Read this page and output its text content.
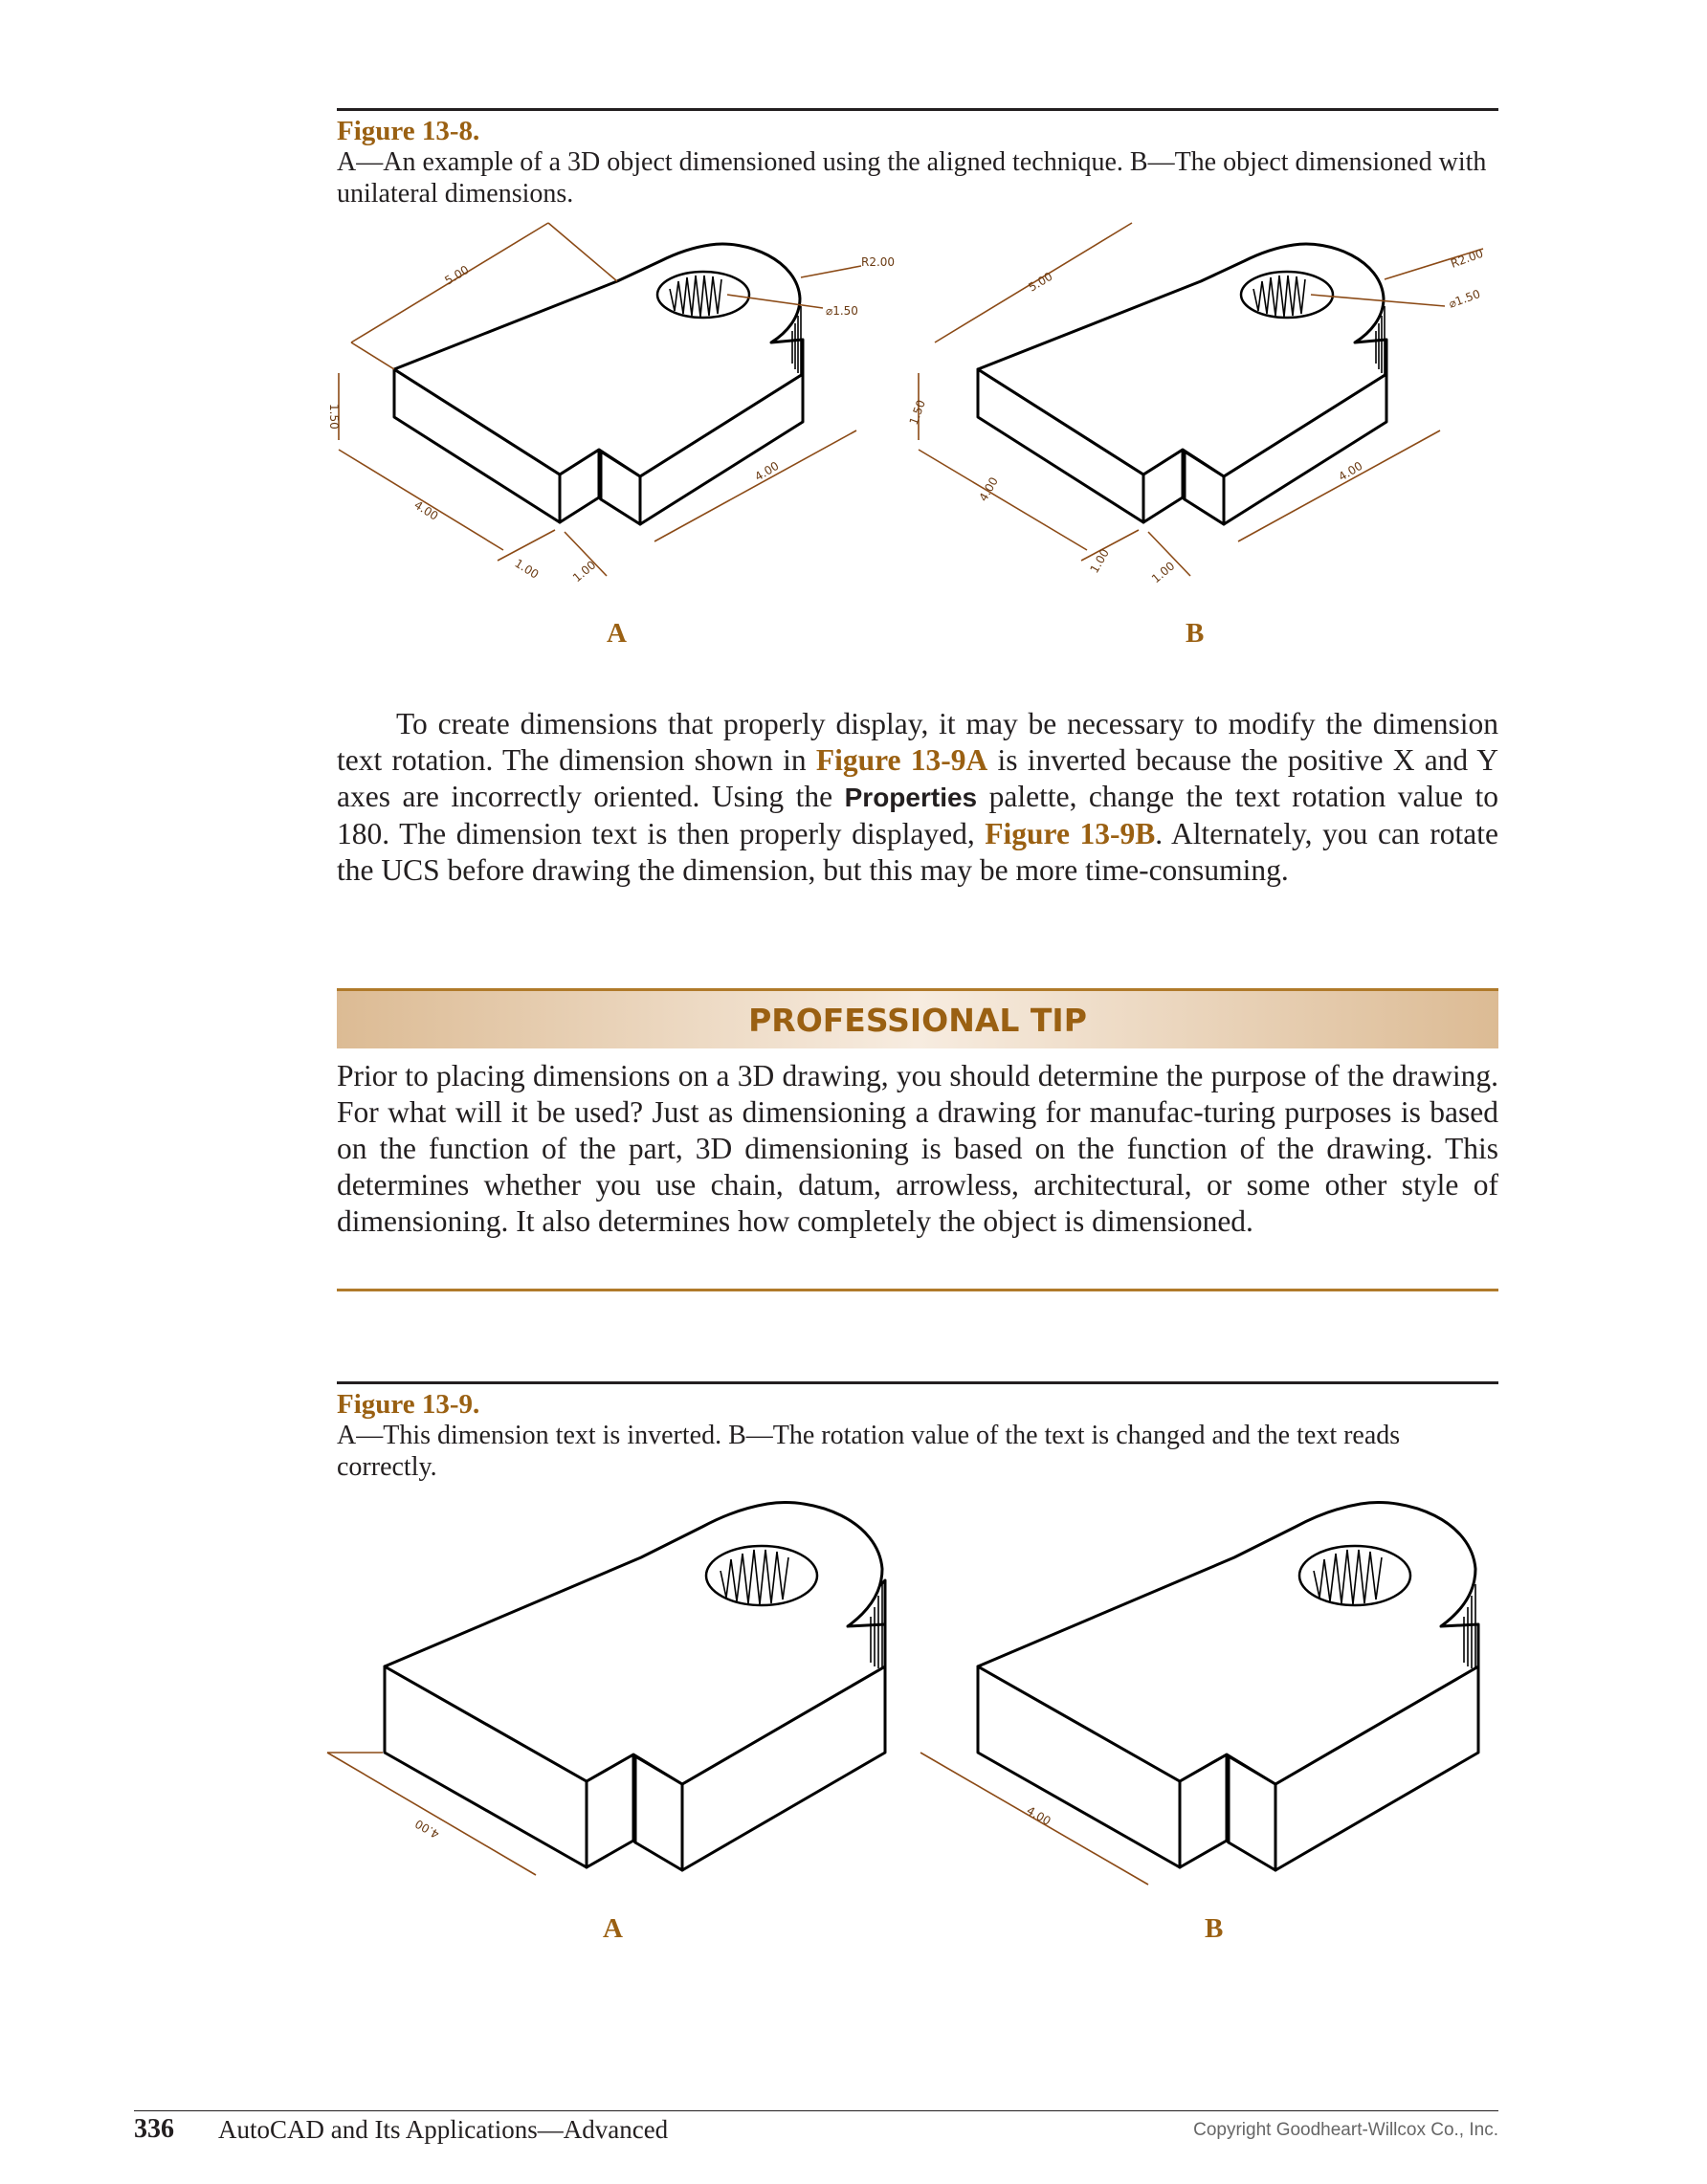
Figure 13-8.
A—An example of a 3D object dimensioned using the aligned technique. B—The object dimensioned with unilateral dimensions.
5.00
R2.00
⌀1.50
1.50
4.00
1.00	1.00
4.00
5.00
R2.00
⌀1.50
1.50
4.00
1.00	1.00
4.00
A	B

To create dimensions that properly display, it may be necessary to modify the dimension text rotation. The dimension shown in Figure 13-9A is inverted because the positive X and Y axes are incorrectly oriented. Using the Properties palette, change the text rotation value to 180. The dimension text is then properly displayed, Figure 13-9B. Alternately, you can rotate the UCS before drawing the dimension, but this may be more time-consuming.

PROFESSIONAL TIP

Prior to placing dimensions on a 3D drawing, you should determine the purpose of the drawing. For what will it be used? Just as dimensioning a drawing for manufac-turing purposes is based on the function of the part, 3D dimensioning is based on the function of the drawing. This determines whether you use chain, datum, arrowless, architectural, or some other style of dimensioning. It also determines how completely the object is dimensioned.

Figure 13-9.
A—This dimension text is inverted. B—The rotation value of the text is changed and the text reads correctly.
4.00
4.00
A	B
336 AutoCAD and Its Applications—Advanced	Copyright Goodheart-Willcox Co., Inc.
